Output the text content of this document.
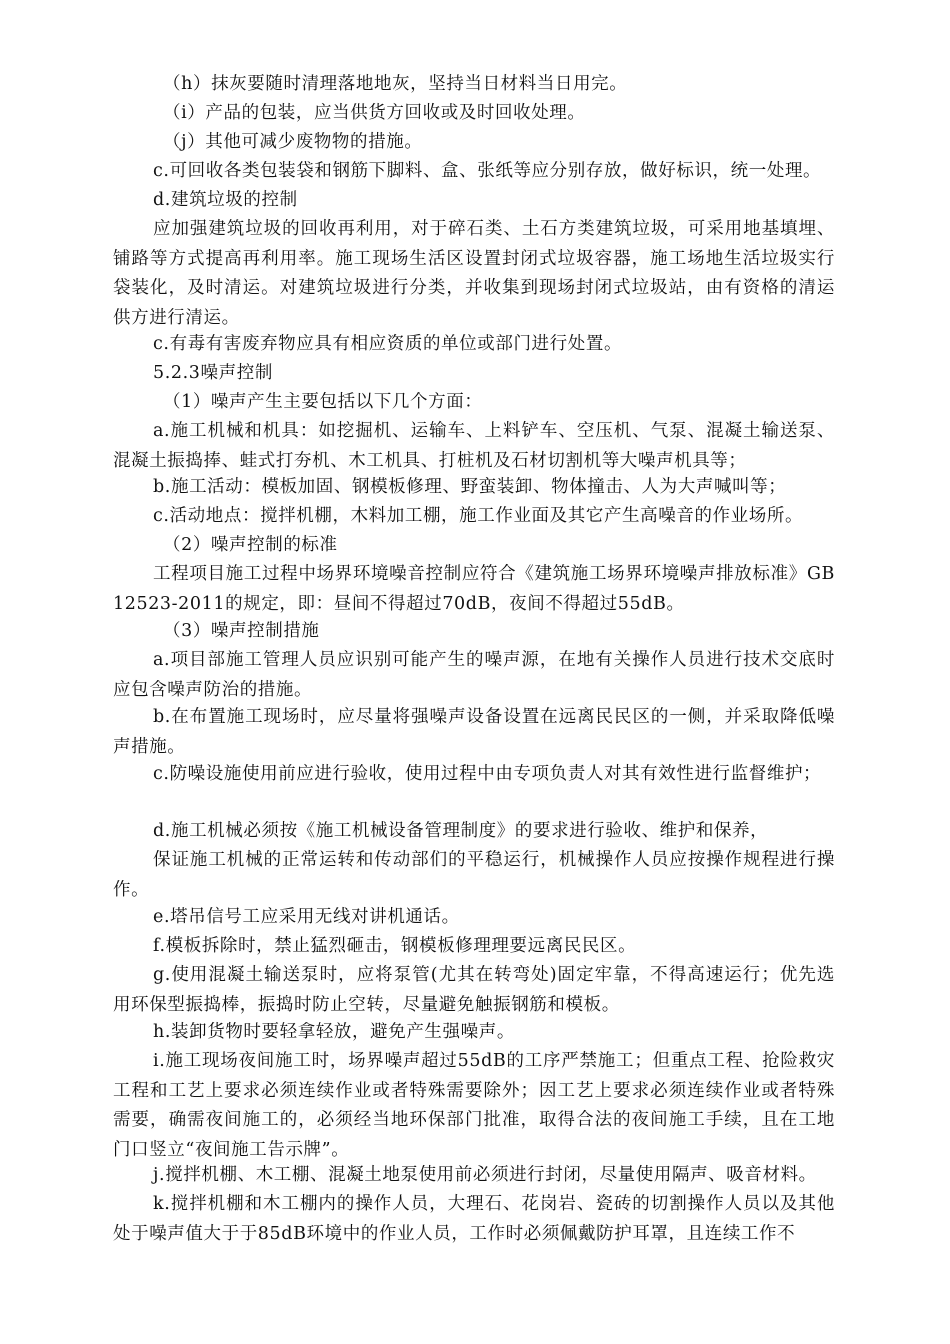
（h）抹灰要随时清理落地地灰，坚持当日材料当日用完。

（i）产品的包装，应当供货方回收或及时回收处理。

（j）其他可减少废物物的措施。

c.可回收各类包装袋和钢筋下脚料、盒、张纸等应分别存放，做好标识，统一处理。

d.建筑垃圾的控制

应加强建筑垃圾的回收再利用，对于碎石类、土石方类建筑垃圾，可采用地基填埋、铺路等方式提高再利用率。施工现场生活区设置封闭式垃圾容器，施工场地生活垃圾实行袋装化，及时清运。对建筑垃圾进行分类，并收集到现场封闭式垃圾站，由有资格的清运供方进行清运。

c.有毒有害废弃物应具有相应资质的单位或部门进行处置。

5.2.3噪声控制

（1）噪声产生主要包括以下几个方面：

a.施工机械和机具：如挖掘机、运输车、上料铲车、空压机、气泵、混凝土输送泵、混凝土振捣捧、蛙式打夯机、木工机具、打桩机及石材切割机等大噪声机具等；

b.施工活动：模板加固、钢模板修理、野蛮装卸、物体撞击、人为大声喊叫等；

c.活动地点：搅拌机棚，木料加工棚，施工作业面及其它产生高噪音的作业场所。

（2）噪声控制的标准

工程项目施工过程中场界环境噪音控制应符合《建筑施工场界环境噪声排放标准》GB12523-2011的规定，即：昼间不得超过70dB，夜间不得超过55dB。

（3）噪声控制措施

a.项目部施工管理人员应识别可能产生的噪声源，在地有关操作人员进行技术交底时应包含噪声防治的措施。

b.在布置施工现场时，应尽量将强噪声设备设置在远离民民区的一侧，并采取降低噪声措施。

c.防噪设施使用前应进行验收，使用过程中由专项负责人对其有效性进行监督维护；

d.施工机械必须按《施工机械设备管理制度》的要求进行验收、维护和保养，

保证施工机械的正常运转和传动部们的平稳运行，机械操作人员应按操作规程进行操作。

e.塔吊信号工应采用无线对讲机通话。

f.模板拆除时，禁止猛烈砸击，钢模板修理理要远离民民区。

g.使用混凝土输送泵时，应将泵管(尤其在转弯处)固定牢靠，不得高速运行；优先选用环保型振捣棒，振捣时防止空转，尽量避免触振钢筋和模板。

h.装卸货物时要轻拿轻放，避免产生强噪声。

i.施工现场夜间施工时，场界噪声超过55dB的工序严禁施工；但重点工程、抢险救灾工程和工艺上要求必须连续作业或者特殊需要除外；因工艺上要求必须连续作业或者特殊需要，确需夜间施工的，必须经当地环保部门批准，取得合法的夜间施工手续，且在工地门口竖立“夜间施工告示牌”。

j.搅拌机棚、木工棚、混凝土地泵使用前必须进行封闭，尽量使用隔声、吸音材料。

k.搅拌机棚和木工棚内的操作人员，大理石、花岗岩、瓷砖的切割操作人员以及其他处于噪声值大于于85dB环境中的作业人员，工作时必须佩戴防护耳罩，且连续工作不
